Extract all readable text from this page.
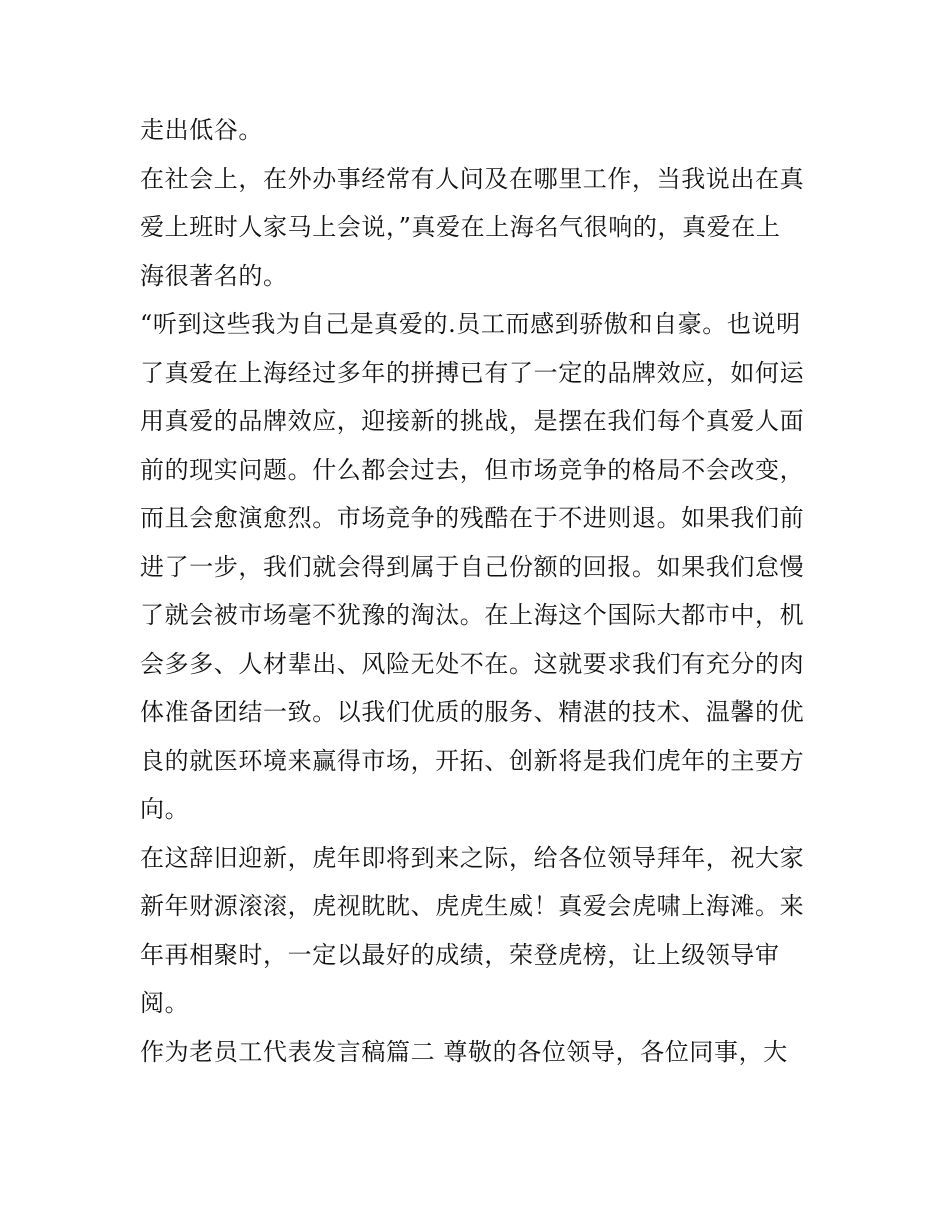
走出低谷。
在社会上，在外办事经常有人问及在哪里工作，当我说出在真
爱上班时人家马上会说，”真爱在上海名气很响的，真爱在上
海很著名的。
“听到这些我为自己是真爱的.员工而感到骄傲和自豪。也说明
了真爱在上海经过多年的拼搏已有了一定的品牌效应，如何运
用真爱的品牌效应，迎接新的挑战，是摆在我们每个真爱人面
前的现实问题。什么都会过去，但市场竞争的格局不会改变，
而且会愈演愈烈。市场竞争的残酷在于不进则退。如果我们前
进了一步，我们就会得到属于自己份额的回报。如果我们怠慢
了就会被市场毫不犹豫的淘汰。在上海这个国际大都市中，机
会多多、人材辈出、风险无处不在。这就要求我们有充分的肉
体准备团结一致。以我们优质的服务、精湛的技术、温馨的优
良的就医环境来赢得市场，开拓、创新将是我们虎年的主要方
向。
在这辞旧迎新，虎年即将到来之际，给各位领导拜年，祝大家
新年财源滚滚，虎视眈眈、虎虎生威！真爱会虎啸上海滩。来
年再相聚时，一定以最好的成绩，荣登虎榜，让上级领导审
阅。
作为老员工代表发言稿篇二 尊敬的各位领导，各位同事，大
